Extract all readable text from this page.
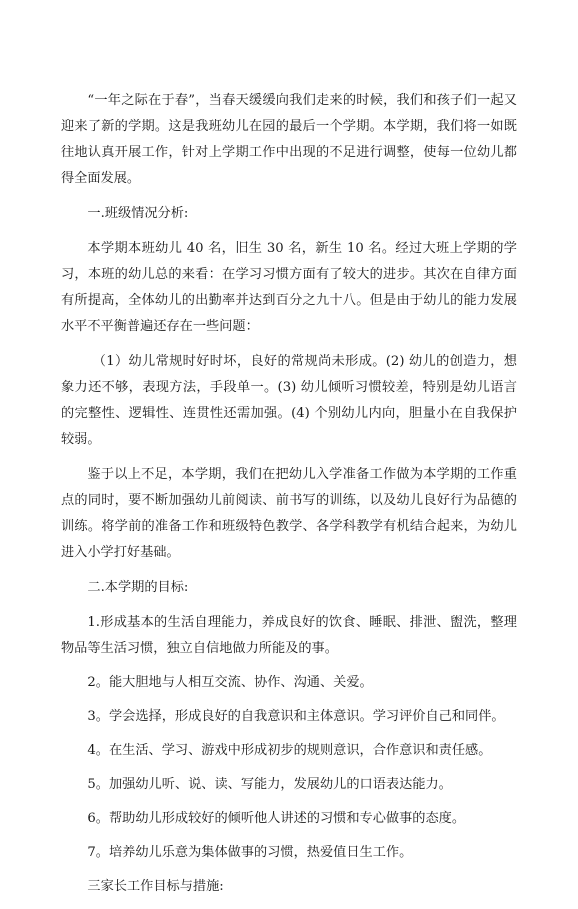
“一年之际在于春”，当春天缓缓向我们走来的时候，我们和孩子们一起又迎来了新的学期。这是我班幼儿在园的最后一个学期。本学期，我们将一如既往地认真开展工作，针对上学期工作中出现的不足进行调整，使每一位幼儿都得全面发展。

一.班级情况分析:

本学期本班幼儿 40 名，旧生 30 名，新生 10 名。经过大班上学期的学习，本班的幼儿总的来看：在学习习惯方面有了较大的进步。其次在自律方面有所提高，全体幼儿的出勤率并达到百分之九十八。但是由于幼儿的能力发展水平不平衡普遍还存在一些问题：

（1）幼儿常规时好时坏，良好的常规尚未形成。(2) 幼儿的创造力，想象力还不够，表现方法，手段单一。(3) 幼儿倾听习惯较差，特别是幼儿语言的完整性、逻辑性、连贯性还需加强。(4) 个别幼儿内向，胆量小在自我保护较弱。

鉴于以上不足，本学期，我们在把幼儿入学准备工作做为本学期的工作重点的同时，要不断加强幼儿前阅读、前书写的训练，以及幼儿良好行为品德的训练。将学前的准备工作和班级特色教学、各学科教学有机结合起来，为幼儿进入小学打好基础。

二.本学期的目标:

1.形成基本的生活自理能力，养成良好的饮食、睡眠、排泄、盥洗，整理物品等生活习惯，独立自信地做力所能及的事。

2。能大胆地与人相互交流、协作、沟通、关爱。

3。学会选择，形成良好的自我意识和主体意识。学习评价自己和同伴。

4。在生活、学习、游戏中形成初步的规则意识，合作意识和责任感。

5。加强幼儿听、说、读、写能力，发展幼儿的口语表达能力。

6。帮助幼儿形成较好的倾听他人讲述的习惯和专心做事的态度。

7。培养幼儿乐意为集体做事的习惯，热爱值日生工作。

三家长工作目标与措施:
